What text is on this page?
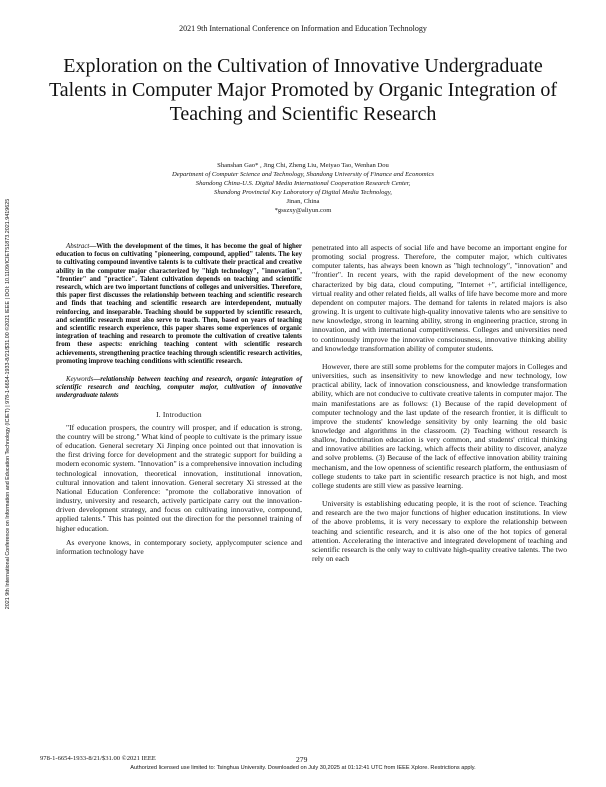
2021 9th International Conference on Information and Education Technology
Exploration on the Cultivation of Innovative Undergraduate Talents in Computer Major Promoted by Organic Integration of Teaching and Scientific Research
Shanshan Gao* , Jing Chi, Zheng Liu, Meiyao Tao, Wenhan Dou
Department of Computer Science and Technology, Shandong University of Finance and Economics
Shandong China-U.S. Digital Media International Cooperation Research Center,
Shandong Provincial Key Laboratory of Digital Media Technology,
Jinan, China
*gsszxy@aliyun.com
2021 9th International Conference on Information and Education Technology (ICIET) | 978-1-6654-1933-8/21/$31.00 ©2021 IEEE | DOI: 10.1109/ICIET51873.2021.9419625	Abstract—With the development of the times, it has become the goal of higher education to focus on cultivating "pioneering, compound, applied" talents. The key to cultivating compound inventive talents is to cultivate their practical and creative ability in the computer major characterized by "high technology", "innovation", "frontier" and "practice". Talent cultivation depends on teaching and scientific research, which are two important functions of colleges and universities. Therefore, this paper first discusses the relationship between teaching and scientific research and finds that teaching and scientific research are interdependent, mutually reinforcing, and inseparable. Teaching should be supported by scientific research, and scientific research must also serve to teach. Then, based on years of teaching and scientific research experience, this paper shares some experiences of organic integration of teaching and research to promote the cultivation of creative talents from these aspects: enriching teaching content with scientific research achievements, strengthening practice teaching through scientific research activities, promoting improve teaching conditions with scientific research.

Keywords—relationship between teaching and research, organic integration of scientific research and teaching, computer major, cultivation of innovative undergraduate talents

I. Introduction

"If education prospers, the country will prosper, and if education is strong, the country will be strong." What kind of people to cultivate is the primary issue of education. General secretary Xi Jinping once pointed out that innovation is the first driving force for development and the strategic support for building a modern economic system. "Innovation" is a comprehensive innovation including technological innovation, theoretical innovation, institutional innovation, cultural innovation and talent innovation. General secretary Xi stressed at the National Education Conference: "promote the collaborative innovation of industry, university and research, actively participate carry out the innovation-driven development strategy, and focus on cultivating innovative, compound, applied talents." This has pointed out the direction for the personnel training of higher education.

As everyone knows, in contemporary society, applycomputer science and information technology have

penetrated into all aspects of social life and have become an important engine for promoting social progress. Therefore, the computer major, which cultivates computer talents, has always been known as "high technology", "innovation" and "frontier". In recent years, with the rapid development of the new economy characterized by big data, cloud computing, "Internet +", artificial intelligence, virtual reality and other related fields, all walks of life have become more and more dependent on computer majors. The demand for talents in related majors is also growing. It is urgent to cultivate high-quality innovative talents who are sensitive to new knowledge, strong in learning ability, strong in engineering practice, strong in innovation, and with international competitiveness. Colleges and universities need to continuously improve the innovative consciousness, innovative thinking ability and knowledge transformation ability of computer students.

However, there are still some problems for the computer majors in Colleges and universities, such as insensitivity to new knowledge and new technology, low practical ability, lack of innovation consciousness, and knowledge transformation ability, which are not conducive to cultivate creative talents in computer major. The main manifestations are as follows: (1) Because of the rapid development of computer technology and the last update of the research frontier, it is difficult to improve the students' knowledge sensitivity by only learning the old basic knowledge and algorithms in the classroom. (2) Teaching without research is shallow, Indoctrination education is very common, and students' critical thinking and innovative abilities are lacking, which affects their ability to discover, analyze and solve problems. (3) Because of the lack of effective innovation ability training mechanism, and the low openness of scientific research platform, the enthusiasm of college students to take part in scientific research practice is not high, and most college students are still view as passive learning.

University is establishing educating people, it is the root of science. Teaching and research are the two major functions of higher education institutions. In view of the above problems, it is very necessary to explore the relationship between teaching and scientific research, and it is also one of the hot topics of general attention. Accelerating the interactive and integrated development of teaching and scientific research is the only way to cultivate high-quality creative talents. The two rely on each

978-1-6654-1933-8/21/$31.00 ©2021 IEEE	279
Authorized licensed use limited to: Tsinghua University. Downloaded on July 30,2025 at 01:12:41 UTC from IEEE Xplore. Restrictions apply.
